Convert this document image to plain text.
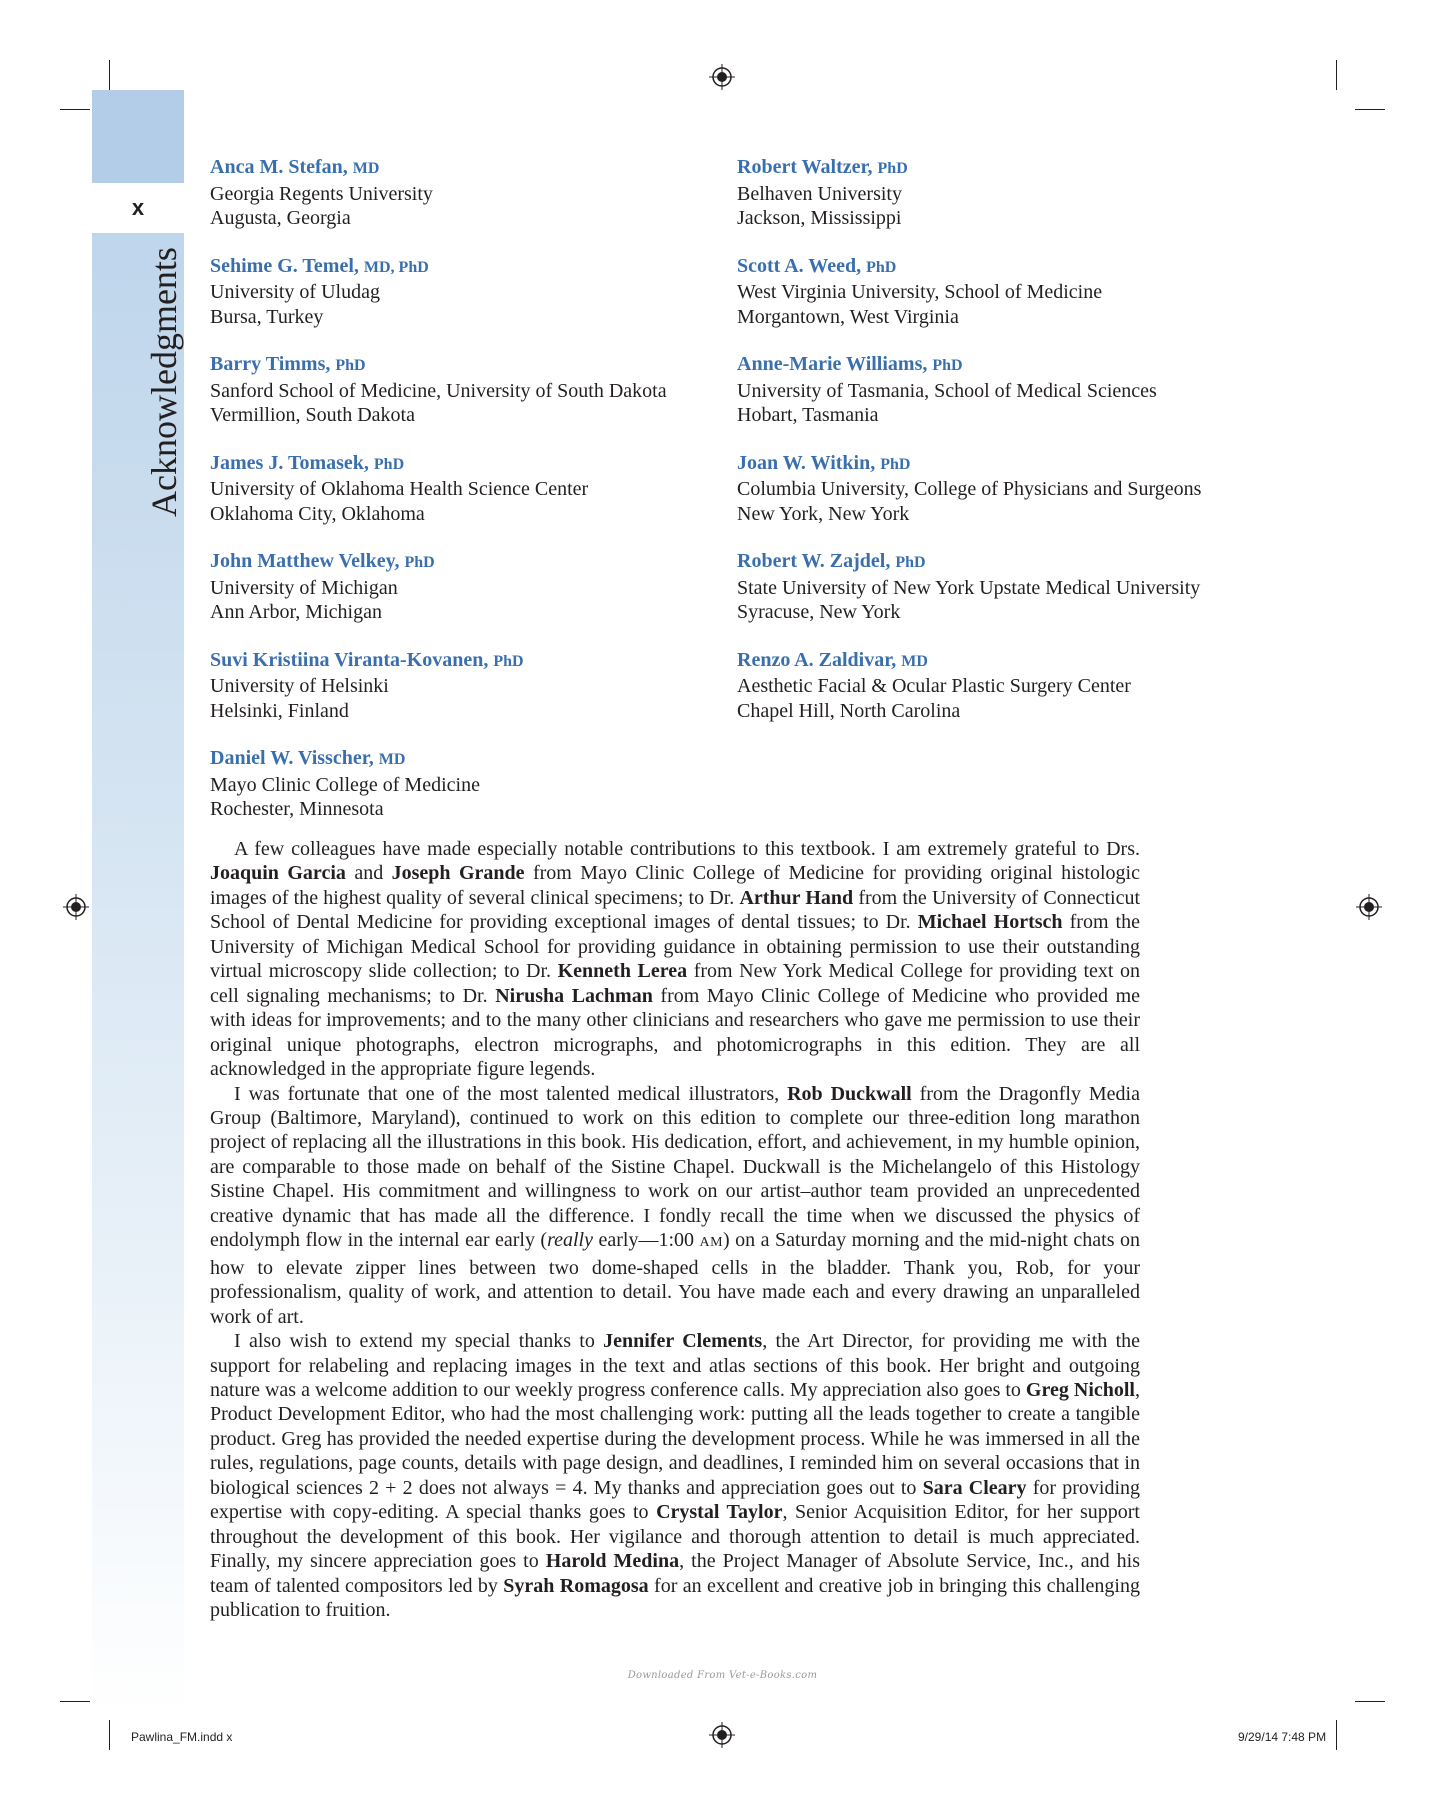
x
Acknowledgments
Anca M. Stefan, MD
Georgia Regents University
Augusta, Georgia
Sehime G. Temel, MD, PhD
University of Uludag
Bursa, Turkey
Barry Timms, PhD
Sanford School of Medicine, University of South Dakota
Vermillion, South Dakota
James J. Tomasek, PhD
University of Oklahoma Health Science Center
Oklahoma City, Oklahoma
John Matthew Velkey, PhD
University of Michigan
Ann Arbor, Michigan
Suvi Kristiina Viranta-Kovanen, PhD
University of Helsinki
Helsinki, Finland
Daniel W. Visscher, MD
Mayo Clinic College of Medicine
Rochester, Minnesota
Robert Waltzer, PhD
Belhaven University
Jackson, Mississippi
Scott A. Weed, PhD
West Virginia University, School of Medicine
Morgantown, West Virginia
Anne-Marie Williams, PhD
University of Tasmania, School of Medical Sciences
Hobart, Tasmania
Joan W. Witkin, PhD
Columbia University, College of Physicians and Surgeons
New York, New York
Robert W. Zajdel, PhD
State University of New York Upstate Medical University
Syracuse, New York
Renzo A. Zaldivar, MD
Aesthetic Facial & Ocular Plastic Surgery Center
Chapel Hill, North Carolina

A few colleagues have made especially notable contributions to this textbook. I am extremely grateful to Drs. Joaquin Garcia and Joseph Grande from Mayo Clinic College of Medicine for providing original histologic images of the highest quality of several clinical specimens; to Dr. Arthur Hand from the University of Connecticut School of Dental Medicine for providing exceptional images of dental tissues; to Dr. Michael Hortsch from the University of Michigan Medical School for providing guidance in obtaining permission to use their outstanding virtual microscopy slide collection; to Dr. Kenneth Lerea from New York Medical College for providing text on cell signaling mechanisms; to Dr. Nirusha Lachman from Mayo Clinic College of Medicine who provided me with ideas for improvements; and to the many other clinicians and researchers who gave me permission to use their original unique photographs, electron micrographs, and photomicrographs in this edition. They are all acknowledged in the appropriate figure legends.

I was fortunate that one of the most talented medical illustrators, Rob Duckwall from the Dragonfly Media Group (Baltimore, Maryland), continued to work on this edition to complete our three-edition long marathon project of replacing all the illustrations in this book. His dedication, effort, and achievement, in my humble opinion, are comparable to those made on behalf of the Sistine Chapel. Duckwall is the Michelangelo of this Histology Sistine Chapel. His commitment and willingness to work on our artist–author team provided an unprecedented creative dynamic that has made all the difference. I fondly recall the time when we discussed the physics of endolymph flow in the internal ear early (really early—1:00 AM) on a Saturday morning and the mid-night chats on how to elevate zipper lines between two dome-shaped cells in the bladder. Thank you, Rob, for your professionalism, quality of work, and attention to detail. You have made each and every drawing an unparalleled work of art.

I also wish to extend my special thanks to Jennifer Clements, the Art Director, for providing me with the support for relabeling and replacing images in the text and atlas sections of this book. Her bright and outgoing nature was a welcome addition to our weekly progress conference calls. My appreciation also goes to Greg Nicholl, Product Development Editor, who had the most challenging work: putting all the leads together to create a tangible product. Greg has provided the needed expertise during the development process. While he was immersed in all the rules, regulations, page counts, details with page design, and deadlines, I reminded him on several occasions that in biological sciences 2 + 2 does not always = 4. My thanks and appreciation goes out to Sara Cleary for providing expertise with copy-editing. A special thanks goes to Crystal Taylor, Senior Acquisition Editor, for her support throughout the development of this book. Her vigilance and thorough attention to detail is much appreciated. Finally, my sincere appreciation goes to Harold Medina, the Project Manager of Absolute Service, Inc., and his team of talented compositors led by Syrah Romagosa for an excellent and creative job in bringing this challenging publication to fruition.

Downloaded From Vet-e-Books.com
Pawlina_FM.indd x	9/29/14 7:48 PM
